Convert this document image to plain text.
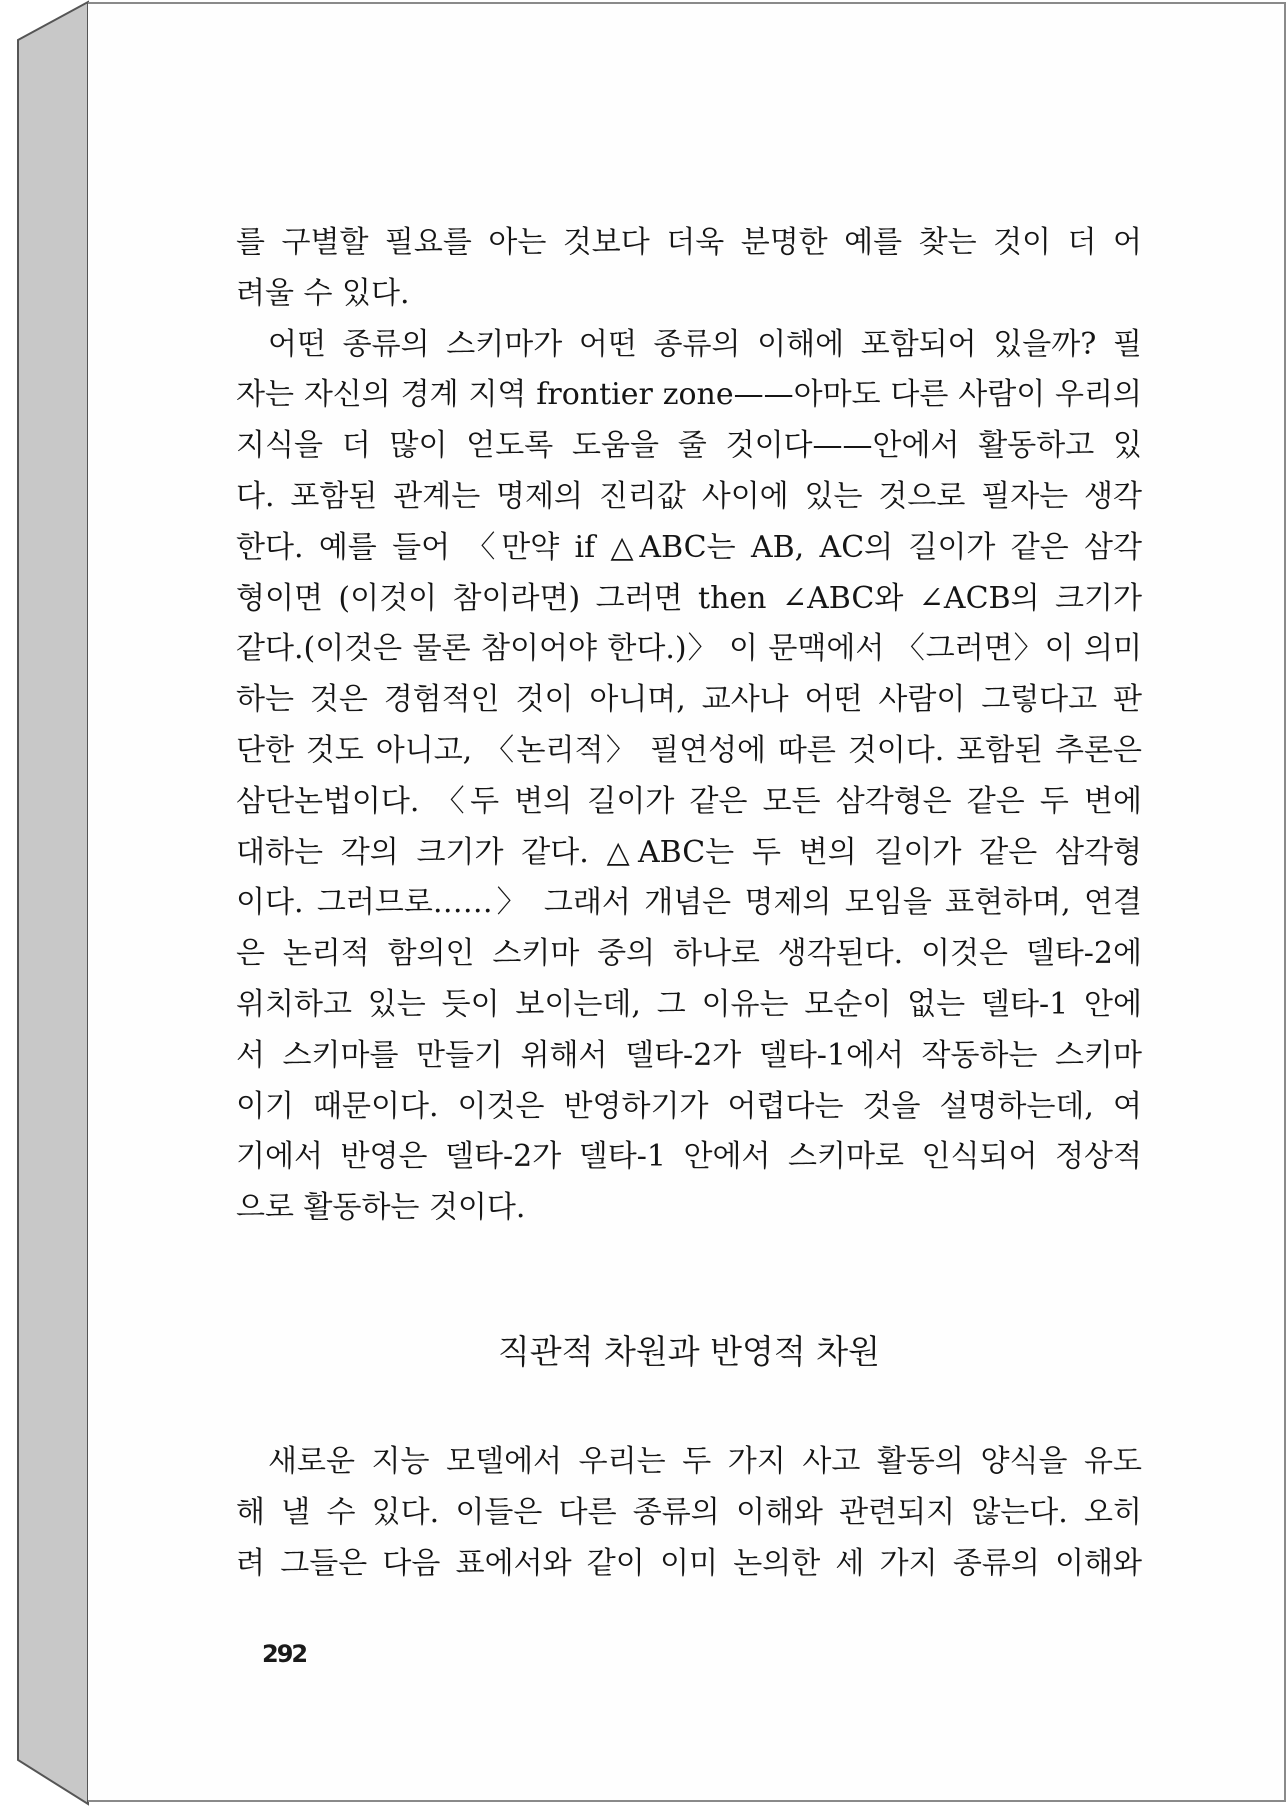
를 구별할 필요를 아는 것보다 더욱 분명한 예를 찾는 것이 더 어
려울 수 있다.
어떤 종류의 스키마가 어떤 종류의 이해에 포함되어 있을까? 필
자는 자신의 경계 지역 frontier zone——아마도 다른 사람이 우리의
지식을 더 많이 얻도록 도움을 줄 것이다——안에서 활동하고 있
다. 포함된 관계는 명제의 진리값 사이에 있는 것으로 필자는 생각
한다. 예를 들어 〈만약 if △ABC는 AB, AC의 길이가 같은 삼각
형이면 (이것이 참이라면) 그러면 then ∠ABC와 ∠ACB의 크기가
같다.(이것은 물론 참이어야 한다.)〉 이 문맥에서 〈그러면〉이 의미
하는 것은 경험적인 것이 아니며, 교사나 어떤 사람이 그렇다고 판
단한 것도 아니고, 〈논리적〉 필연성에 따른 것이다. 포함된 추론은
삼단논법이다. 〈두 변의 길이가 같은 모든 삼각형은 같은 두 변에
대하는 각의 크기가 같다. △ABC는 두 변의 길이가 같은 삼각형
이다. 그러므로……〉 그래서 개념은 명제의 모임을 표현하며, 연결
은 논리적 함의인 스키마 중의 하나로 생각된다. 이것은 델타-2에
위치하고 있는 듯이 보이는데, 그 이유는 모순이 없는 델타-1 안에
서 스키마를 만들기 위해서 델타-2가 델타-1에서 작동하는 스키마
이기 때문이다. 이것은 반영하기가 어렵다는 것을 설명하는데, 여
기에서 반영은 델타-2가 델타-1 안에서 스키마로 인식되어 정상적
으로 활동하는 것이다.
직관적 차원과 반영적 차원
새로운 지능 모델에서 우리는 두 가지 사고 활동의 양식을 유도
해 낼 수 있다. 이들은 다른 종류의 이해와 관련되지 않는다. 오히
려 그들은 다음 표에서와 같이 이미 논의한 세 가지 종류의 이해와
292
